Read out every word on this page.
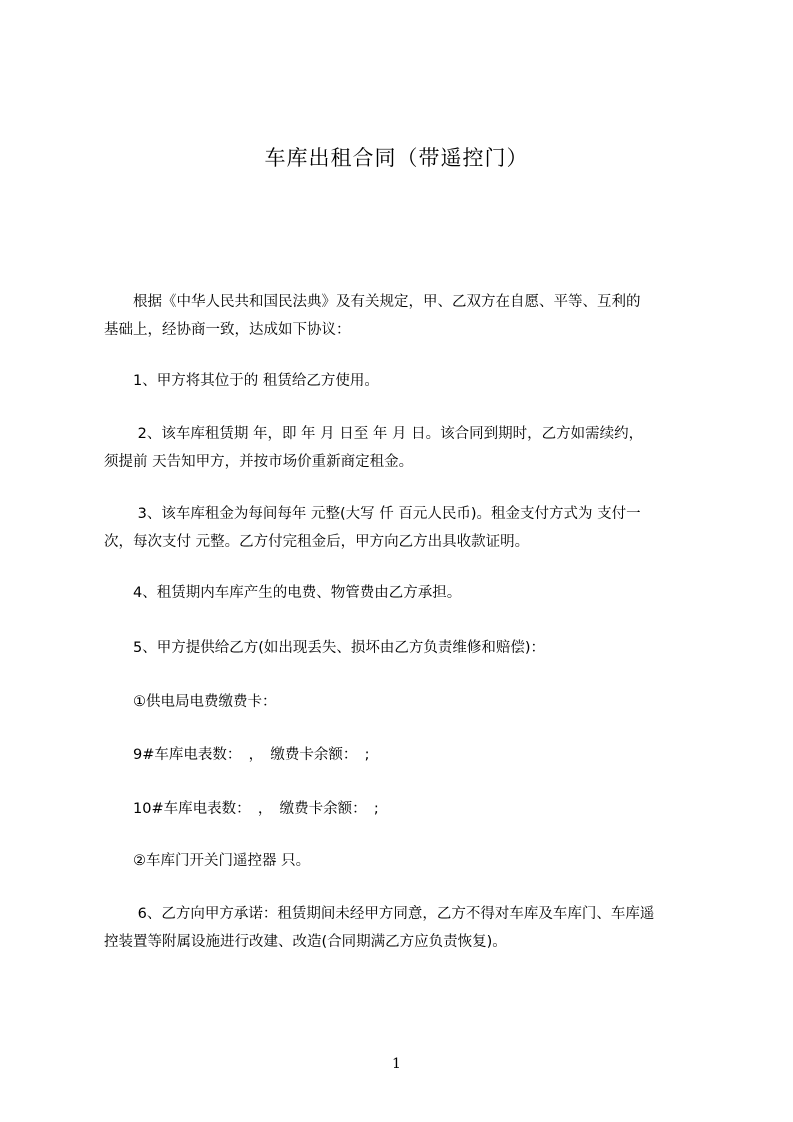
车库出租合同（带遥控门）
　　根据《中华人民共和国民法典》及有关规定，甲、乙双方在自愿、平等、互利的
基础上，经协商一致，达成如下协议：
　　1、甲方将其位于的 租赁给乙方使用。
　　 2、该车库租赁期 年，即 年 月 日至 年 月 日。该合同到期时，乙方如需续约，
须提前 天告知甲方，并按市场价重新商定租金。
　　 3、该车库租金为每间每年 元整(大写 仟 百元人民币)。租金支付方式为 支付一
次，每次支付 元整。乙方付完租金后，甲方向乙方出具收款证明。
　　4、租赁期内车库产生的电费、物管费由乙方承担。
　　5、甲方提供给乙方(如出现丢失、损坏由乙方负责维修和赔偿)：
　　①供电局电费缴费卡：
　　9#车库电表数：　，　缴费卡余额：　;
　　10#车库电表数：　，　缴费卡余额：　;
　　②车库门开关门遥控器 只。
　　 6、乙方向甲方承诺：租赁期间未经甲方同意，乙方不得对车库及车库门、车库遥
控装置等附属设施进行改建、改造(合同期满乙方应负责恢复)。
1
